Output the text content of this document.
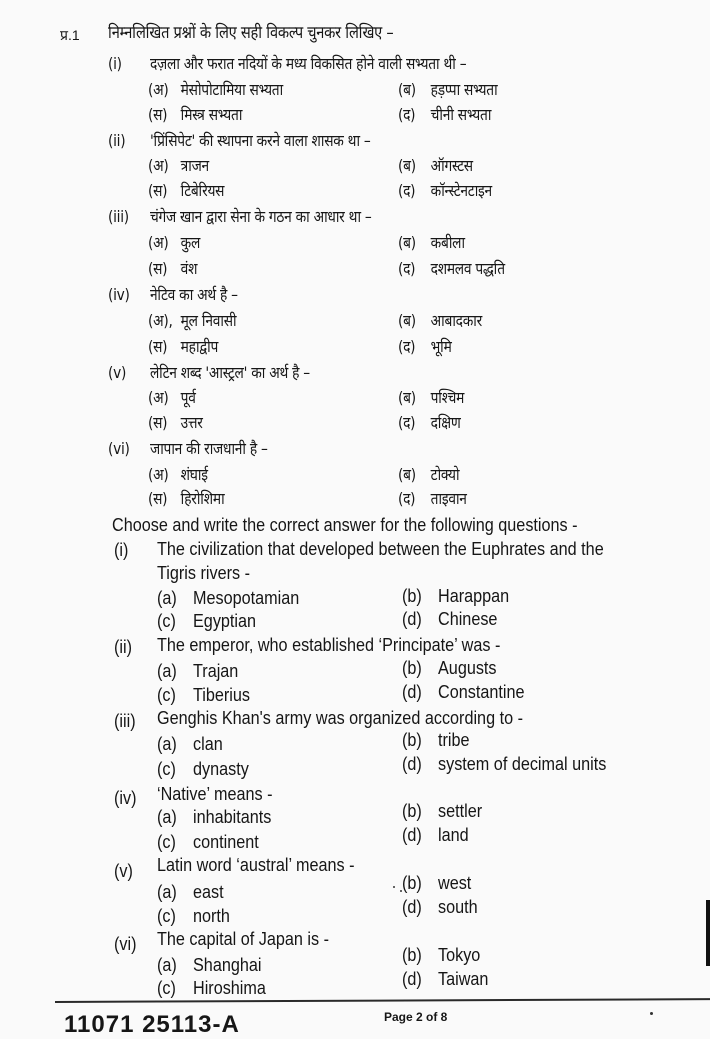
प्र.1 निम्नलिखित प्रश्नों के लिए सही विकल्प चुनकर लिखिए –
(i) दज़ला और फरात नदियों के मध्य विकसित होने वाली सभ्यता थी –
(अ) मेसोपोटामिया सभ्यता	(ब) हड़प्पा सभ्यता
(स) मिस्त्र सभ्यता	(द) चीनी सभ्यता
(ii) 'प्रिंसिपेट' की स्थापना करने वाला शासक था –
(अ) त्राजन	(ब) ऑगस्टस
(स) टिबेरियस	(द) कॉन्स्टेनटाइन
(iii) चंगेज खान द्वारा सेना के गठन का आधार था –
(अ) कुल	(ब) कबीला
(स) वंश	(द) दशमलव पद्धति
(iv) नेटिव का अर्थ है –
(अ), मूल निवासी	(ब) आबादकार
(स) महाद्वीप	(द) भूमि
(v) लेटिन शब्द 'आस्ट्रल' का अर्थ है –
(अ) पूर्व	(ब) पश्चिम
(स) उत्तर	(द) दक्षिण
(vi) जापान की राजधानी है –
(अ) शंघाई	(ब) टोक्यो
(स) हिरोशिमा	(द) ताइवान
Choose and write the correct answer for the following questions -
(i) The civilization that developed between the Euphrates and the
Tigris rivers -
(a) Mesopotamian	(b) Harappan
(c) Egyptian	(d) Chinese
(ii) The emperor, who established ‘Principate’ was -
(a) Trajan	(b) Augusts
(c) Tiberius	(d) Constantine
(iii) Genghis Khan's army was organized according to -
(a) clan	(b) tribe
(c) dynasty	(d) system of decimal units
(iv) ‘Native’ means -
(a) inhabitants	(b) settler
(c) continent	(d) land
(v) Latin word ‘austral’ means -
(a) east	(b) west
(c) north	(d) south
(vi) The capital of Japan is -
(a) Shanghai	(b) Tokyo
(c) Hiroshima	(d) Taiwan
11071 25113-A	Page 2 of 8
